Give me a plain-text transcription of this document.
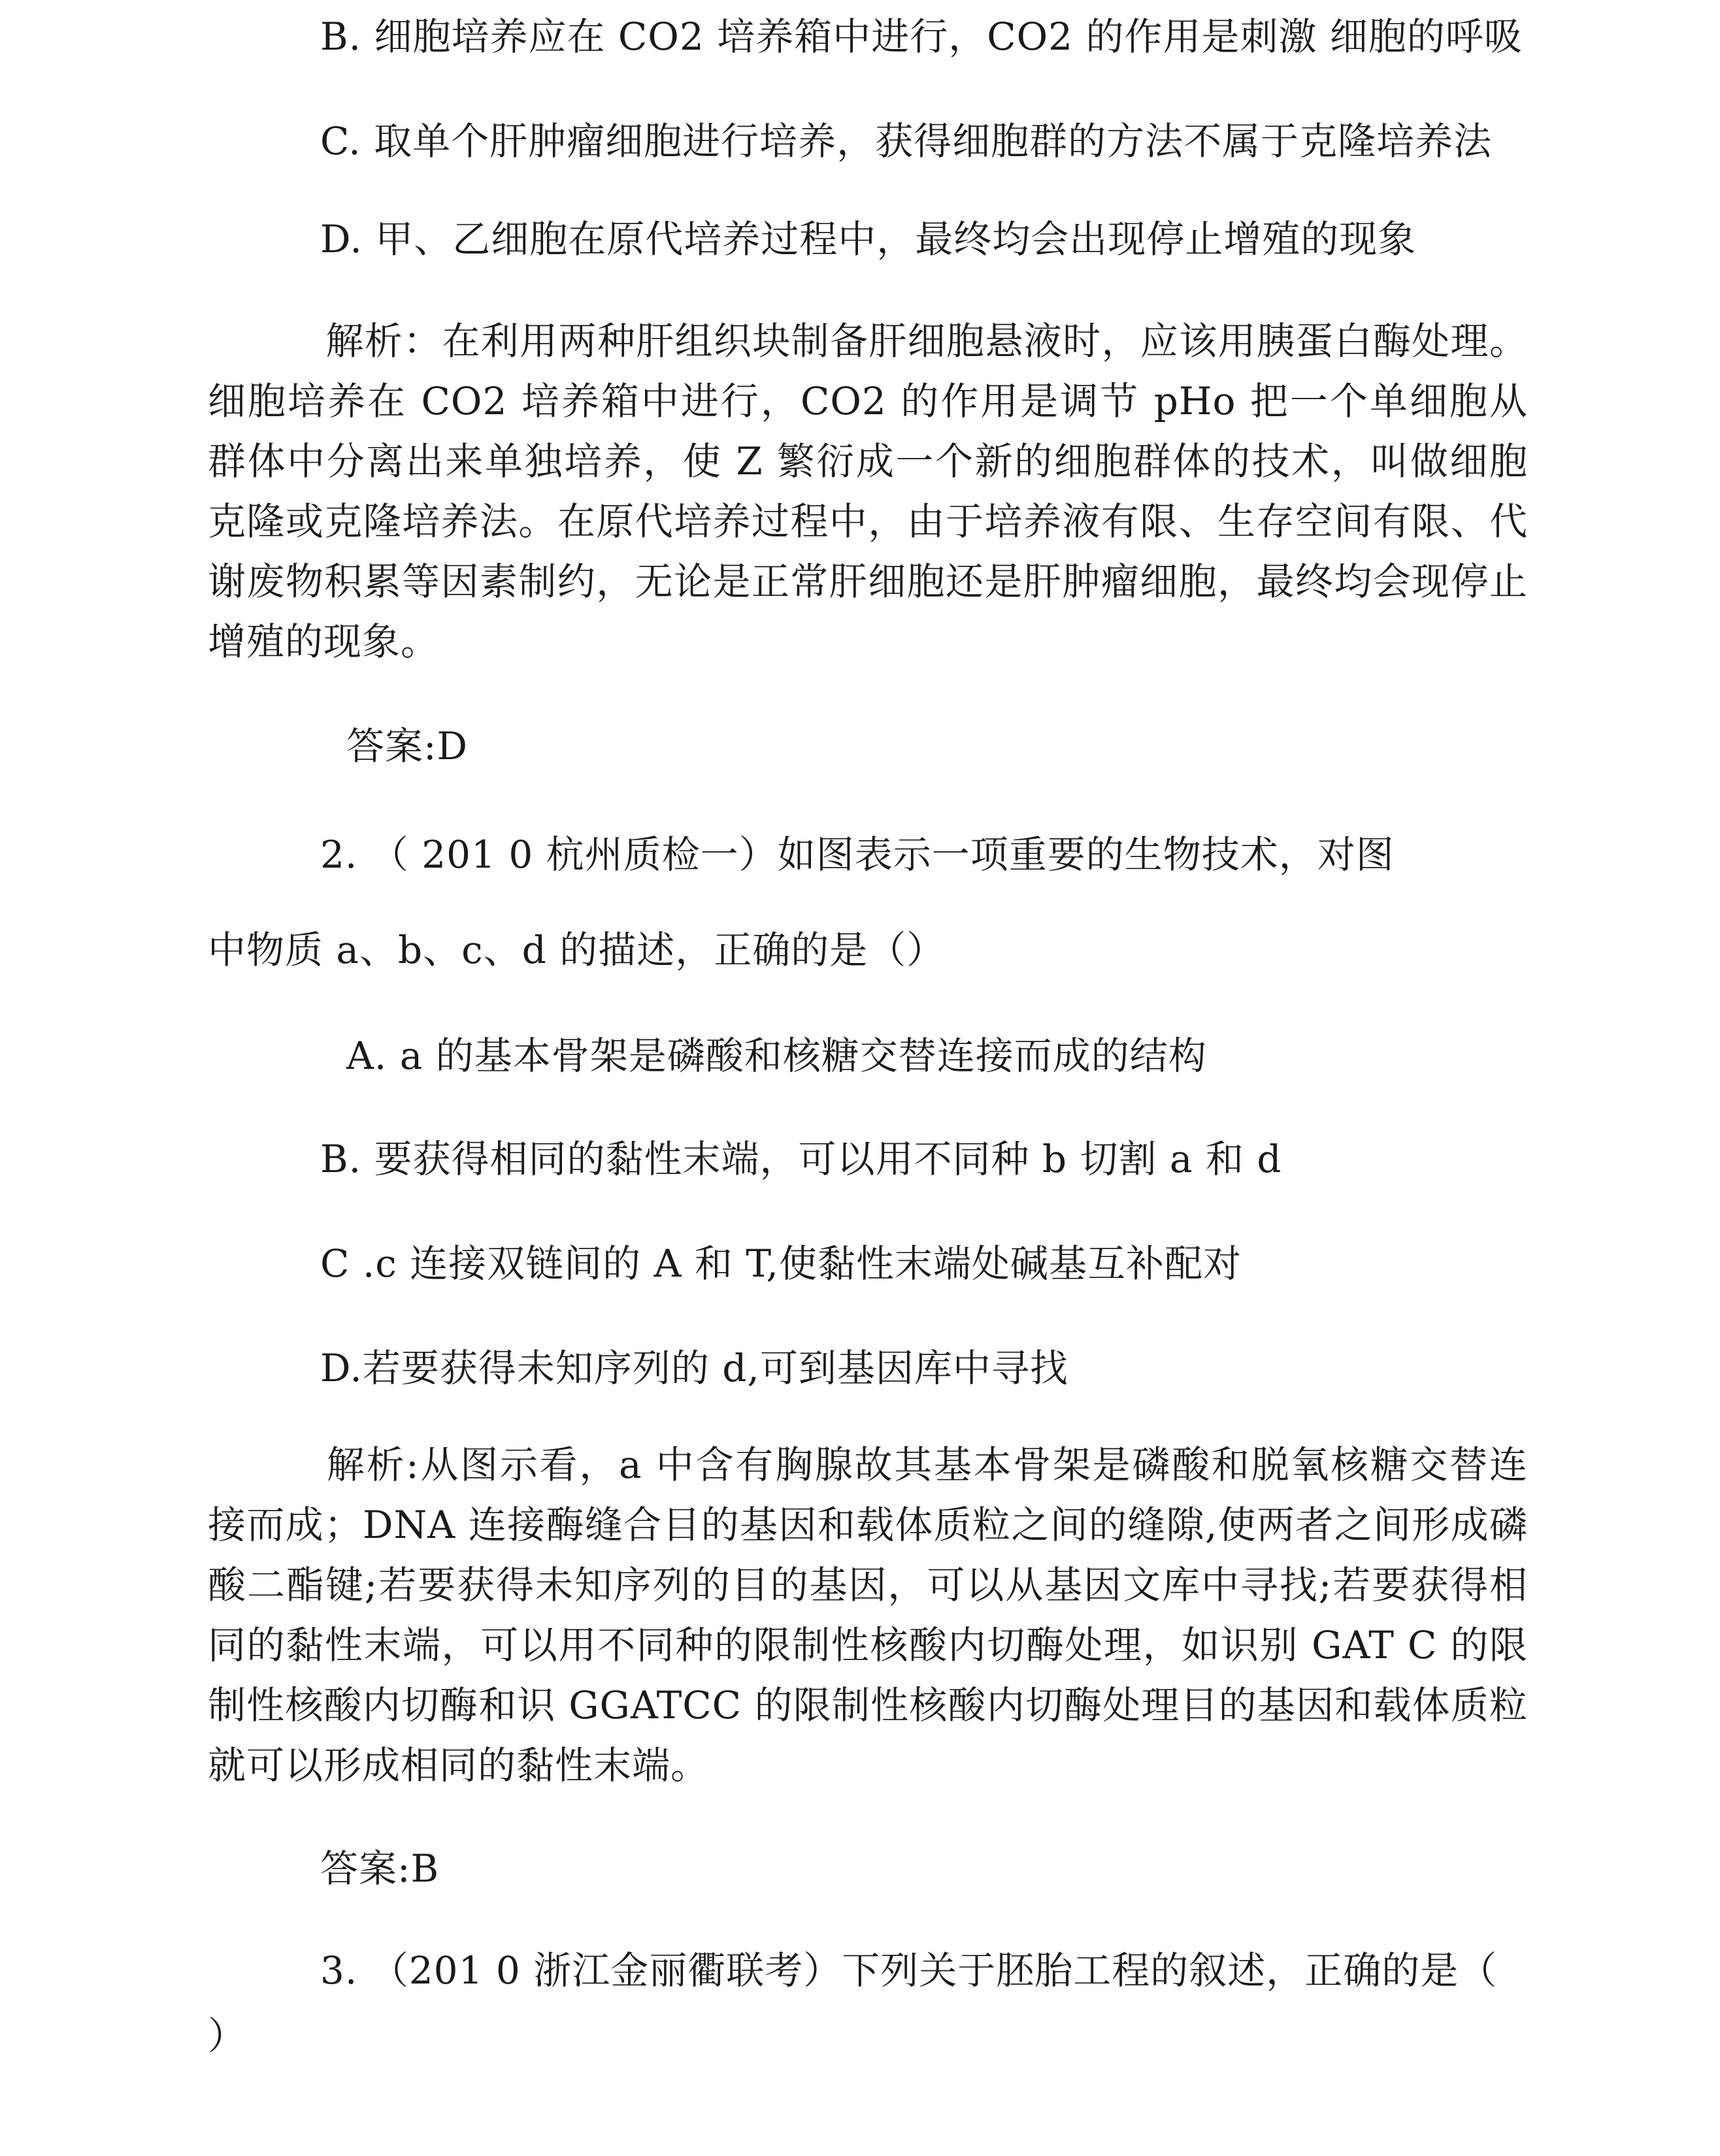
B. 细胞培养应在 CO2 培养箱中进行，CO2 的作用是刺激 细胞的呼吸
C. 取单个肝肿瘤细胞进行培养，获得细胞群的方法不属于克隆培养法
D. 甲、乙细胞在原代培养过程中，最终均会出现停止增殖的现象
解析：在利用两种肝组织块制备肝细胞悬液时，应该用胰蛋白酶处理。细胞培养在 CO2 培养箱中进行，CO2 的作用是调节 pHo 把一个单细胞从群体中分离出来单独培养，使 Z 繁衍成一个新的细胞群体的技术，叫做细胞克隆或克隆培养法。在原代培养过程中，由于培养液有限、生存空间有限、代谢废物积累等因素制约，无论是正常肝细胞还是肝肿瘤细胞，最终均会现停止增殖的现象。
答案:D
2. （ 201 0 杭州质检一）如图表示一项重要的生物技术，对图
中物质 a、b、c、d 的描述，正确的是（）
A. a 的基本骨架是磷酸和核糖交替连接而成的结构
B. 要获得相同的黏性末端，可以用不同种 b 切割 a 和 d
C .c 连接双链间的 A 和 T,使黏性末端处碱基互补配对
D.若要获得未知序列的 d,可到基因库中寻找
解析:从图示看，a 中含有胸腺故其基本骨架是磷酸和脱氧核糖交替连接而成；DNA 连接酶缝合目的基因和载体质粒之间的缝隙,使两者之间形成磷酸二酯键;若要获得未知序列的目的基因，可以从基因文库中寻找;若要获得相同的黏性末端，可以用不同种的限制性核酸内切酶处理，如识别 GAT C 的限制性核酸内切酶和识 GGATCC 的限制性核酸内切酶处理目的基因和载体质粒就可以形成相同的黏性末端。
答案:B
3. （201 0 浙江金丽衢联考）下列关于胚胎工程的叙述，正确的是（
）
